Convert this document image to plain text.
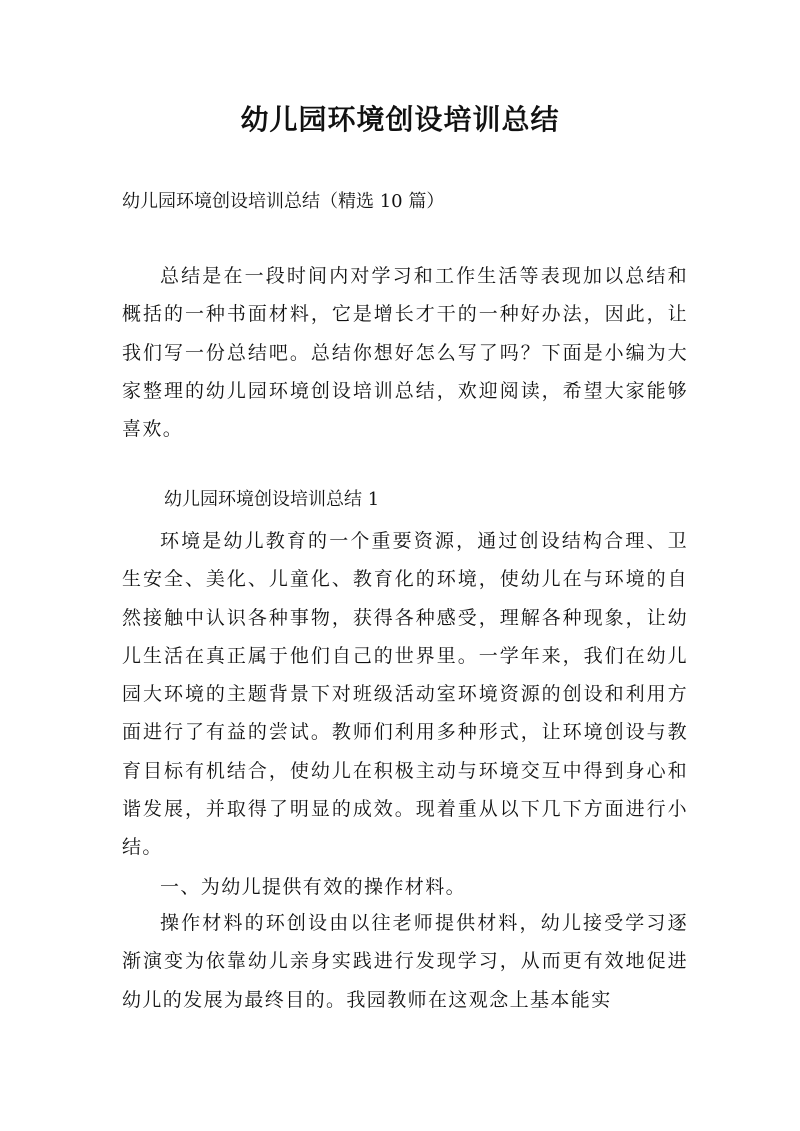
幼儿园环境创设培训总结
幼儿园环境创设培训总结（精选 10 篇）

总结是在一段时间内对学习和工作生活等表现加以总结和概括的一种书面材料，它是增长才干的一种好办法，因此，让我们写一份总结吧。总结你想好怎么写了吗？下面是小编为大家整理的幼儿园环境创设培训总结，欢迎阅读，希望大家能够喜欢。

幼儿园环境创设培训总结 1

环境是幼儿教育的一个重要资源，通过创设结构合理、卫生安全、美化、儿童化、教育化的环境，使幼儿在与环境的自然接触中认识各种事物，获得各种感受，理解各种现象，让幼儿生活在真正属于他们自己的世界里。一学年来，我们在幼儿园大环境的主题背景下对班级活动室环境资源的创设和利用方面进行了有益的尝试。教师们利用多种形式，让环境创设与教育目标有机结合，使幼儿在积极主动与环境交互中得到身心和谐发展，并取得了明显的成效。现着重从以下几下方面进行小结。

一、为幼儿提供有效的操作材料。

操作材料的环创设由以往老师提供材料，幼儿接受学习逐渐演变为依靠幼儿亲身实践进行发现学习，从而更有效地促进幼儿的发展为最终目的。我园教师在这观念上基本能实
